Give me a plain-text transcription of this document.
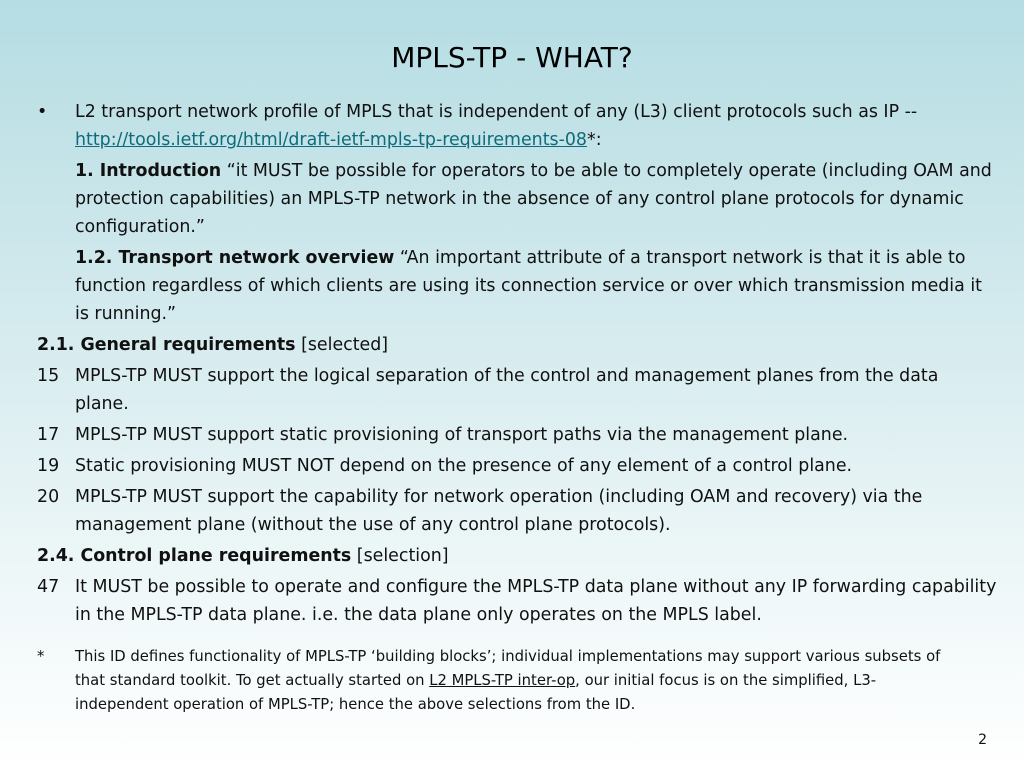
MPLS-TP - WHAT?
• L2 transport network profile of MPLS that is independent of any (L3) client protocols such as IP --
http://tools.ietf.org/html/draft-ietf-mpls-tp-requirements-08*:
1. Introduction “it MUST be possible for operators to be able to completely operate (including OAM and protection capabilities) an MPLS-TP network in the absence of any control plane protocols for dynamic configuration.”
1.2. Transport network overview “An important attribute of a transport network is that it is able to function regardless of which clients are using its connection service or over which transmission media it is running.”
2.1. General requirements [selected]
15 MPLS-TP MUST support the logical separation of the control and management planes from the data plane.
17 MPLS-TP MUST support static provisioning of transport paths via the management plane.
19 Static provisioning MUST NOT depend on the presence of any element of a control plane.
20 MPLS-TP MUST support the capability for network operation (including OAM and recovery) via the management plane (without the use of any control plane protocols).
2.4. Control plane requirements [selection]
47 It MUST be possible to operate and configure the MPLS-TP data plane without any IP forwarding capability in the MPLS-TP data plane. i.e. the data plane only operates on the MPLS label.
*	This ID defines functionality of MPLS-TP ‘building blocks’; individual implementations may support various subsets of that standard toolkit. To get actually started on L2 MPLS-TP inter-op, our initial focus is on the simplified, L3-independent operation of MPLS-TP; hence the above selections from the ID.
2
